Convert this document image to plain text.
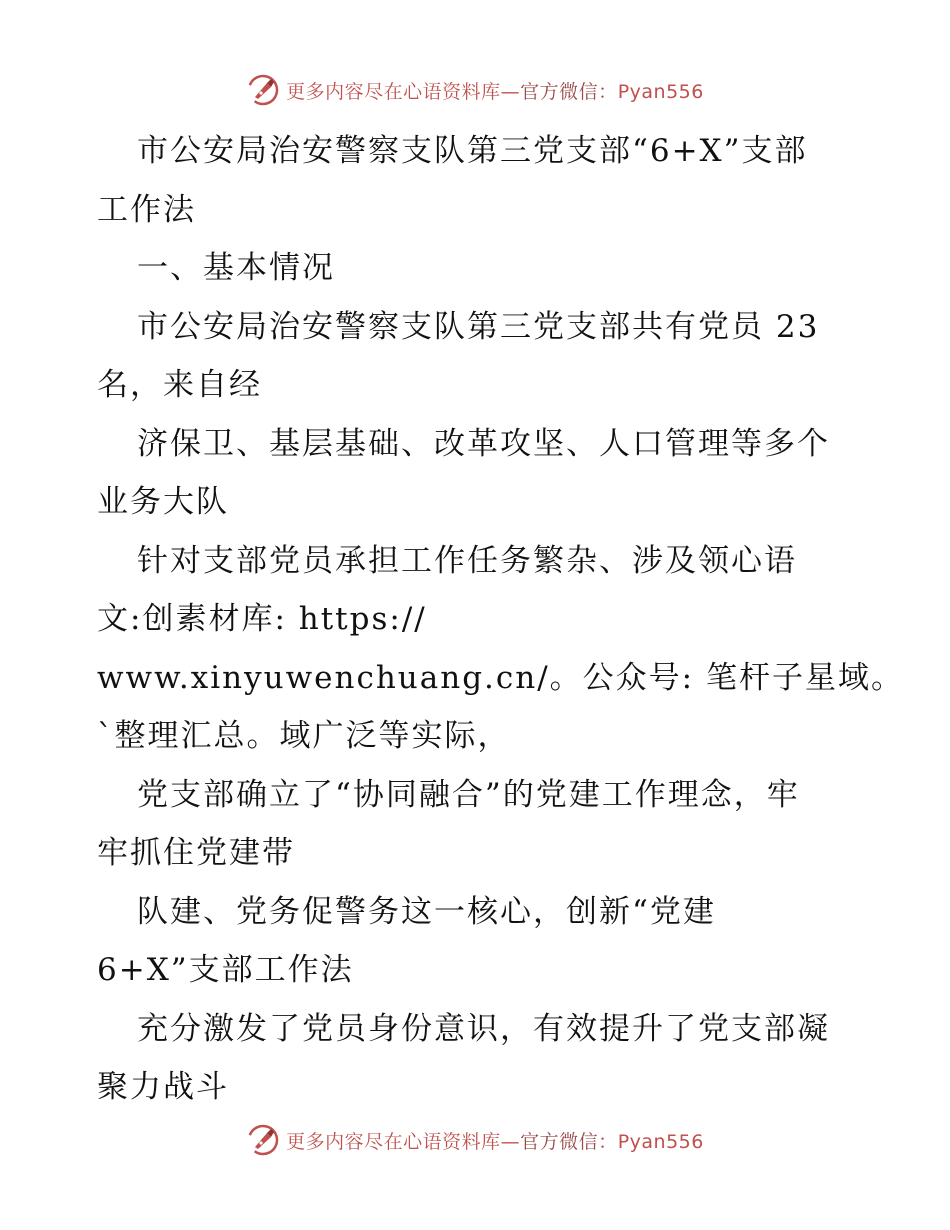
更多内容尽在心语资料库—官方微信：Pyan556
市公安局治安警察支队第三党支部“6+X”支部
工作法
一、基本情况
市公安局治安警察支队第三党支部共有党员 23
名，来自经
济保卫、基层基础、改革攻坚、人口管理等多个
业务大队
针对支部党员承担工作任务繁杂、涉及领心语
文:创素材库: https://
www.xinyuwenchuang.cn/。公众号: 笔杆子星域。
`整理汇总。域广泛等实际，
党支部确立了“协同融合”的党建工作理念，牢
牢抓住党建带
队建、党务促警务这一核心，创新“党建
6+X”支部工作法
充分激发了党员身份意识，有效提升了党支部凝
聚力战斗
更多内容尽在心语资料库—官方微信：Pyan556
